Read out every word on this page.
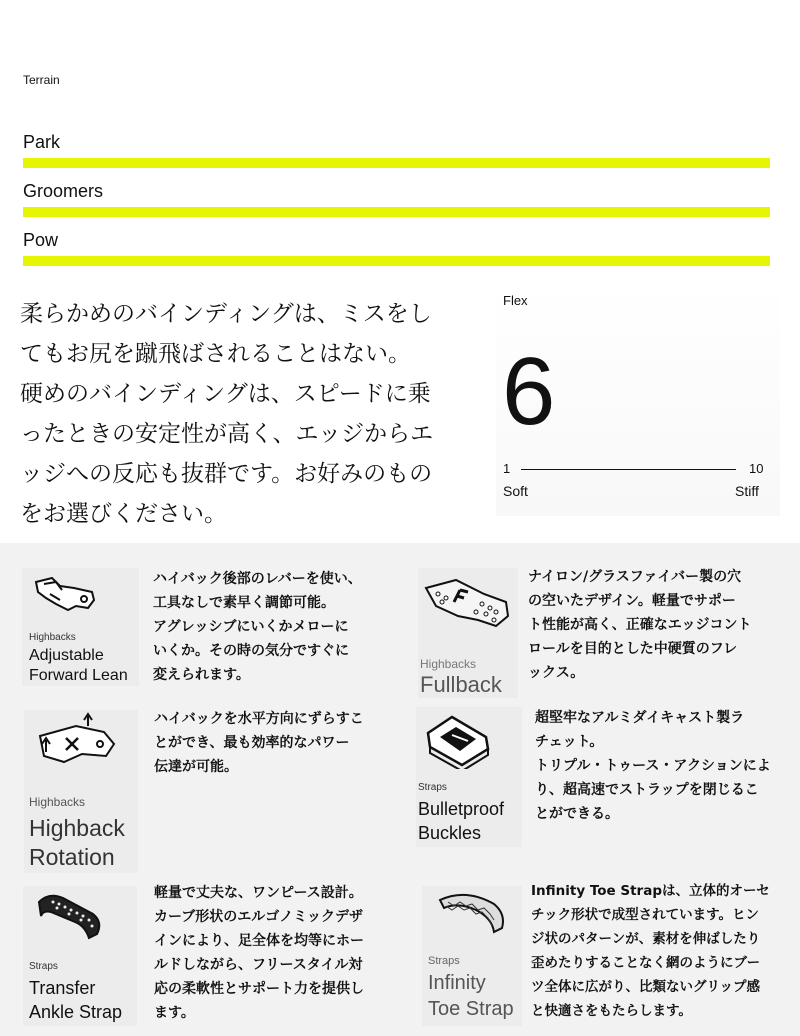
Terrain
Park
Groomers
Pow
柔らかめのバインディングは、ミスをし
てもお尻を蹴飛ばされることはない。
硬めのバインディングは、スピードに乗
ったときの安定性が高く、エッジからエ
ッジへの反応も抜群です。お好みのもの
をお選びください。
Flex
6
1	10
Soft	Stiff
Highbacks
Adjustable
Forward Lean
ハイバック後部のレバーを使い、
工具なしで素早く調節可能。
アグレッシブにいくかメローに
いくか。その時の気分ですぐに
変えられます。
Highbacks
Fullback
ナイロン/グラスファイバー製の穴
の空いたデザイン。軽量でサポー
ト性能が高く、正確なエッジコント
ロールを目的とした中硬質のフレ
ックス。
Highbacks
Highback
Rotation
ハイバックを水平方向にずらすこ
とができ、最も効率的なパワー
伝達が可能。
Straps
Bulletproof
Buckles
超堅牢なアルミダイキャスト製ラ
チェット。
トリプル・トゥース・アクションによ
り、超高速でストラップを閉じるこ
とができる。
Straps
Transfer
Ankle Strap
軽量で丈夫な、ワンピース設計。
カーブ形状のエルゴノミックデザ
インにより、足全体を均等にホー
ルドしながら、フリースタイル対
応の柔軟性とサポート力を提供し
ます。
Straps
Infinity
Toe Strap
Infinity Toe Strapは、立体的オーセ
チック形状で成型されています。ヒン
ジ状のパターンが、素材を伸ばしたり
歪めたりすることなく網のようにブー
ツ全体に広がり、比類ないグリップ感
と快適さをもたらします。
